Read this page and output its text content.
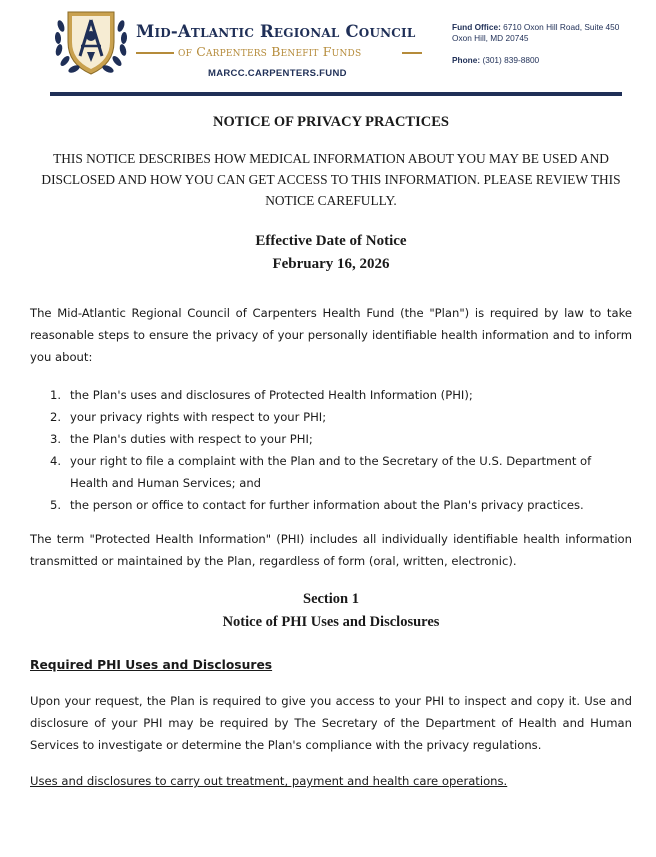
Mid-Atlantic Regional Council
of Carpenters Benefit Funds
MARCC.CARPENTERS.FUND
Fund Office: 6710 Oxon Hill Road, Suite 450
Oxon Hill, MD 20745
Phone: (301) 839-8800
NOTICE OF PRIVACY PRACTICES

THIS NOTICE DESCRIBES HOW MEDICAL INFORMATION ABOUT YOU MAY BE USED AND DISCLOSED AND HOW YOU CAN GET ACCESS TO THIS INFORMATION. PLEASE REVIEW THIS NOTICE CAREFULLY.

Effective Date of Notice
February 16, 2026

The Mid-Atlantic Regional Council of Carpenters Health Fund (the "Plan") is required by law to take reasonable steps to ensure the privacy of your personally identifiable health information and to inform you about:

1. the Plan's uses and disclosures of Protected Health Information (PHI);
2. your privacy rights with respect to your PHI;
3. the Plan's duties with respect to your PHI;
4. your right to file a complaint with the Plan and to the Secretary of the U.S. Department of Health and Human Services; and
5. the person or office to contact for further information about the Plan's privacy practices.

The term "Protected Health Information" (PHI) includes all individually identifiable health information transmitted or maintained by the Plan, regardless of form (oral, written, electronic).

Section 1
Notice of PHI Uses and Disclosures
Required PHI Uses and Disclosures

Upon your request, the Plan is required to give you access to your PHI to inspect and copy it. Use and disclosure of your PHI may be required by The Secretary of the Department of Health and Human Services to investigate or determine the Plan's compliance with the privacy regulations.

Uses and disclosures to carry out treatment, payment and health care operations.
